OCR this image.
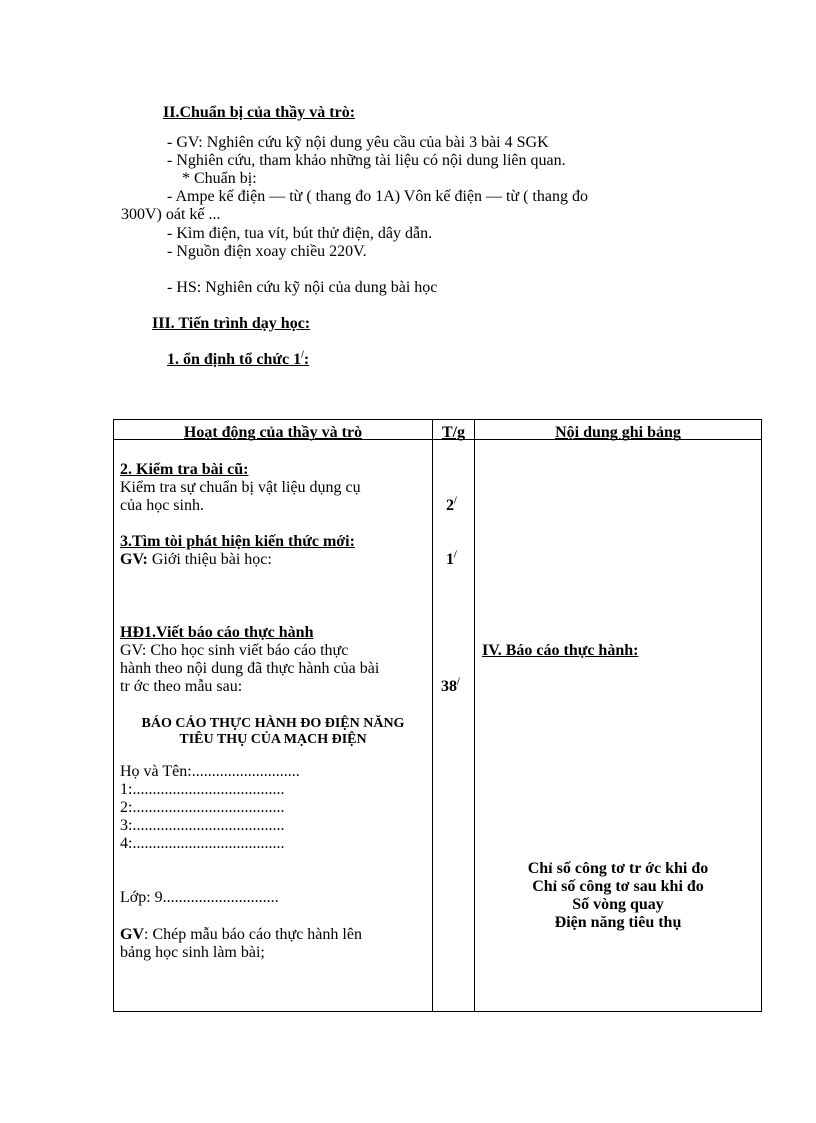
II.Chuẩn bị của thầy và trò:
- GV: Nghiên cứu kỹ nội dung yêu cầu của bài 3 bài 4 SGK
- Nghiên cứu, tham khảo những tài liệu có nội dung liên quan.
* Chuẩn bị:
- Ampe kế điện — từ ( thang đo 1A) Vôn kế điện — từ ( thang đo
300V) oát kế ...
- Kìm điện, tua vít, bút thử điện, dây dẫn.
- Nguồn điện xoay chiều 220V.
- HS: Nghiên cứu kỹ nội của dung bài học
III. Tiến trình dạy học:
1. ổn định tổ chức 1/:
Hoạt động của thầy và trò	T/g	Nội dung ghi bảng
2. Kiểm tra bài cũ:
Kiểm tra sự chuẩn bị vật liệu dụng cụ
của học sinh.
3.Tìm tòi phát hiện kiến thức mới:
GV: Giới thiệu bài học:
HĐ1.Viết báo cáo thực hành
GV: Cho học sinh viết báo cáo thực
hành theo nội dung đã thực hành của bài
tr ớc theo mẫu sau:
BÁO CÁO THỰC HÀNH ĐO ĐIỆN NĂNG
TIÊU THỤ CỦA MẠCH ĐIỆN
Họ và Tên:...........................
1:......................................
2:......................................
3:......................................
4:......................................
Lớp: 9.............................
GV: Chép mẫu báo cáo thực hành lên
bảng học sinh làm bài;
2/
1/
38/
IV. Báo cáo thực hành:
Chỉ số công tơ tr ớc khi đo
Chỉ số công tơ sau khi đo
Số vòng quay
Điện năng tiêu thụ
